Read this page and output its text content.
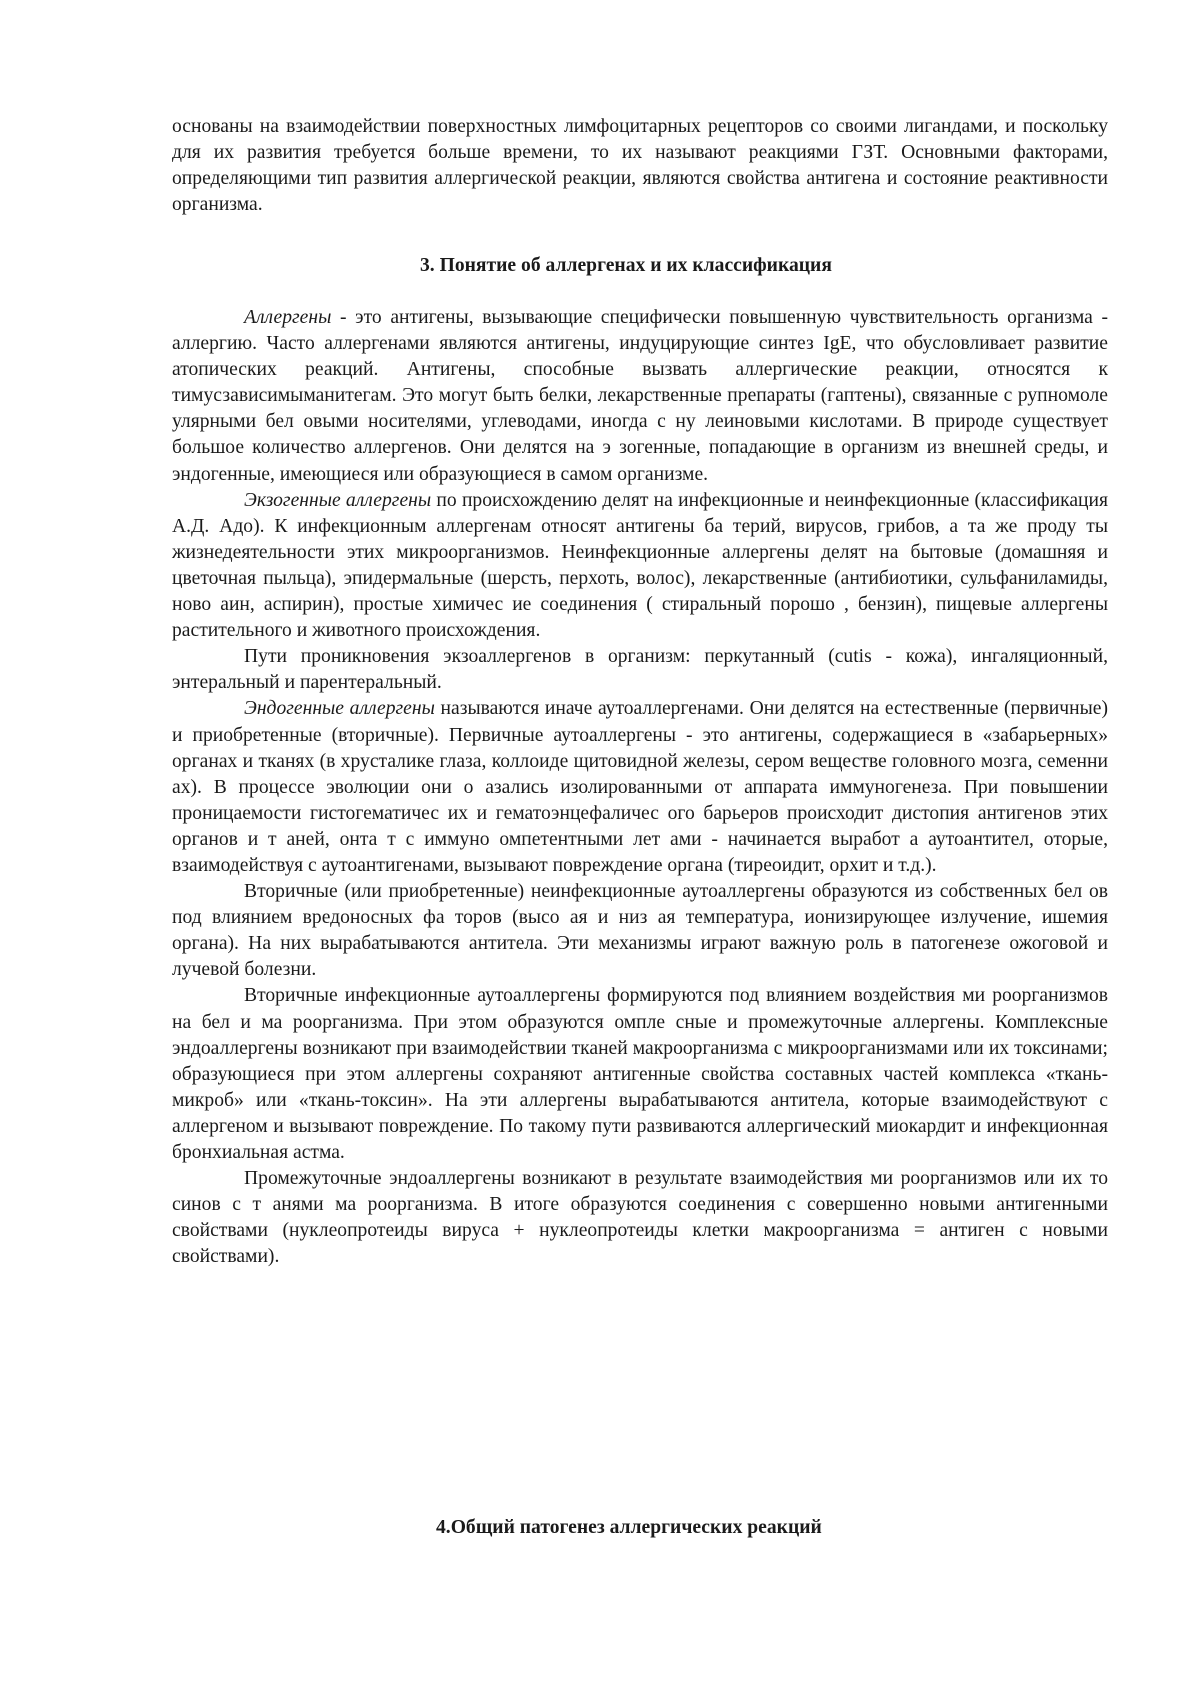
основаны на взаимодействии поверхностных лимфоцитарных рецепторов со своими лигандами, и поскольку для их развития требуется больше времени, то их называют реакциями ГЗТ. Основными факторами, определяющими тип развития аллергической реакции, являются свойства антигена и состояние реактивности организма.

3. Понятие об аллергенах и их классификация

Аллергены - это антигены, вызывающие специфически повышенную чувствительность организма - аллергию. Часто аллергенами являются антигены, индуцирующие синтез IgE, что обусловливает развитие атопических реакций. Антигены, способные вызвать аллергические реакции, относятся к тимусзависимыманитегам. Это могут быть белки, лекарственные препараты (гаптены), связанные с рупномоле улярными бел овыми носителями, углеводами, иногда с ну леиновыми кислотами. В природе существует большое количество аллергенов. Они делятся на э зогенные, попадающие в организм из внешней среды, и эндогенные, имеющиеся или образующиеся в самом организме.

Экзогенные аллергены по происхождению делят на инфекционные и неинфекционные (классификация А.Д. Адо). К инфекционным аллергенам относят антигены ба терий, вирусов, грибов, а та же проду ты жизнедеятельности этих микроорганизмов. Неинфекционные аллергены делят на бытовые (домашняя и цветочная пыльца), эпидермальные (шерсть, перхоть, волос), лекарственные (антибиотики, сульфаниламиды, ново аин, аспирин), простые химичес ие соединения ( стиральный порошо , бензин), пищевые аллергены растительного и животного происхождения.

Пути проникновения экзоаллергенов в организм: перкутанный (cutis - кожа), ингаляционный, энтеральный и парентеральный.

Эндогенные аллергены называются иначе аутоаллергенами. Они делятся на естественные (первичные) и приобретенные (вторичные). Первичные аутоаллергены - это антигены, содержащиеся в «забарьерных» органах и тканях (в хрусталике глаза, коллоиде щитовидной железы, сером веществе головного мозга, семенни ах). В процессе эволюции они о азались изолированными от аппарата иммуногенеза. При повышении проницаемости гистогематичес их и гематоэнцефаличес ого барьеров происходит дистопия антигенов этих органов и т аней, онта т с иммуно омпетентными лет ами - начинается выработ а аутоантител, оторые, взаимодействуя с аутоантигенами, вызывают повреждение органа (тиреоидит, орхит и т.д.).

Вторичные (или приобретенные) неинфекционные аутоаллергены образуются из собственных бел ов под влиянием вредоносных фа торов (высо ая и низ ая температура, ионизирующее излучение, ишемия органа). На них вырабатываются антитела. Эти механизмы играют важную роль в патогенезе ожоговой и лучевой болезни.

Вторичные инфекционные аутоаллергены формируются под влиянием воздействия ми роорганизмов на бел и ма роорганизма. При этом образуются омпле сные и промежуточные аллергены. Комплексные эндоаллергены возникают при взаимодействии тканей макроорганизма с микроорганизмами или их токсинами; образующиеся при этом аллергены сохраняют антигенные свойства составных частей комплекса «ткань-микроб» или «ткань-токсин». На эти аллергены вырабатываются антитела, которые взаимодействуют с аллергеном и вызывают повреждение. По такому пути развиваются аллергический миокардит и инфекционная бронхиальная астма.

Промежуточные эндоаллергены возникают в результате взаимодействия ми роорганизмов или их то синов с т анями ма роорганизма. В итоге образуются соединения с совершенно новыми антигенными свойствами (нуклеопротеиды вируса + нуклеопротеиды клетки макроорганизма = антиген с новыми свойствами).

4.Общий патогенез аллергических реакций
